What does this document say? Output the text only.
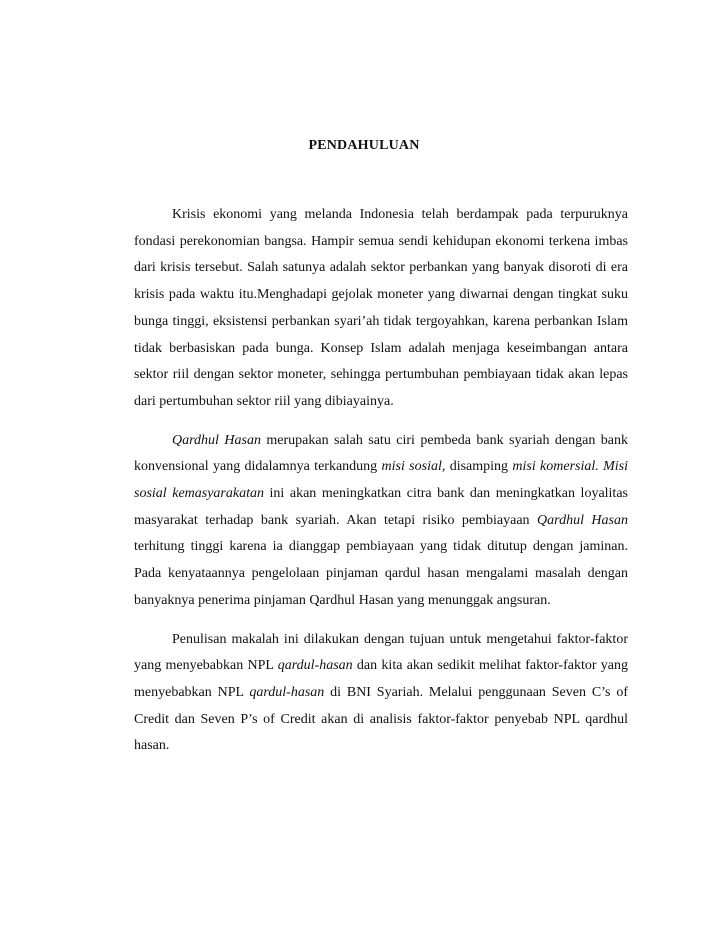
PENDAHULUAN

Krisis ekonomi yang melanda Indonesia telah berdampak pada terpuruknya fondasi perekonomian bangsa. Hampir semua sendi kehidupan ekonomi terkena imbas dari krisis tersebut. Salah satunya adalah sektor perbankan yang banyak disoroti di era krisis pada waktu itu.Menghadapi gejolak moneter yang diwarnai dengan tingkat suku bunga tinggi, eksistensi perbankan syari’ah tidak tergoyahkan, karena perbankan Islam tidak berbasiskan pada bunga. Konsep Islam adalah menjaga keseimbangan antara sektor riil dengan sektor moneter, sehingga pertumbuhan pembiayaan tidak akan lepas dari pertumbuhan sektor riil yang dibiayainya.

Qardhul Hasan merupakan salah satu ciri pembeda bank syariah dengan bank konvensional yang didalamnya terkandung misi sosial, disamping misi komersial. Misi sosial kemasyarakatan ini akan meningkatkan citra bank dan meningkatkan loyalitas masyarakat terhadap bank syariah. Akan tetapi risiko pembiayaan Qardhul Hasan terhitung tinggi karena ia dianggap pembiayaan yang tidak ditutup dengan jaminan. Pada kenyataannya pengelolaan pinjaman qardul hasan mengalami masalah dengan banyaknya penerima pinjaman Qardhul Hasan yang menunggak angsuran.

Penulisan makalah ini dilakukan dengan tujuan untuk mengetahui faktor-faktor yang menyebabkan NPL qardul-hasan dan kita akan sedikit melihat faktor-faktor yang menyebabkan NPL qardul-hasan di BNI Syariah. Melalui penggunaan Seven C’s of Credit dan Seven P’s of Credit akan di analisis faktor-faktor penyebab NPL qardhul hasan.
